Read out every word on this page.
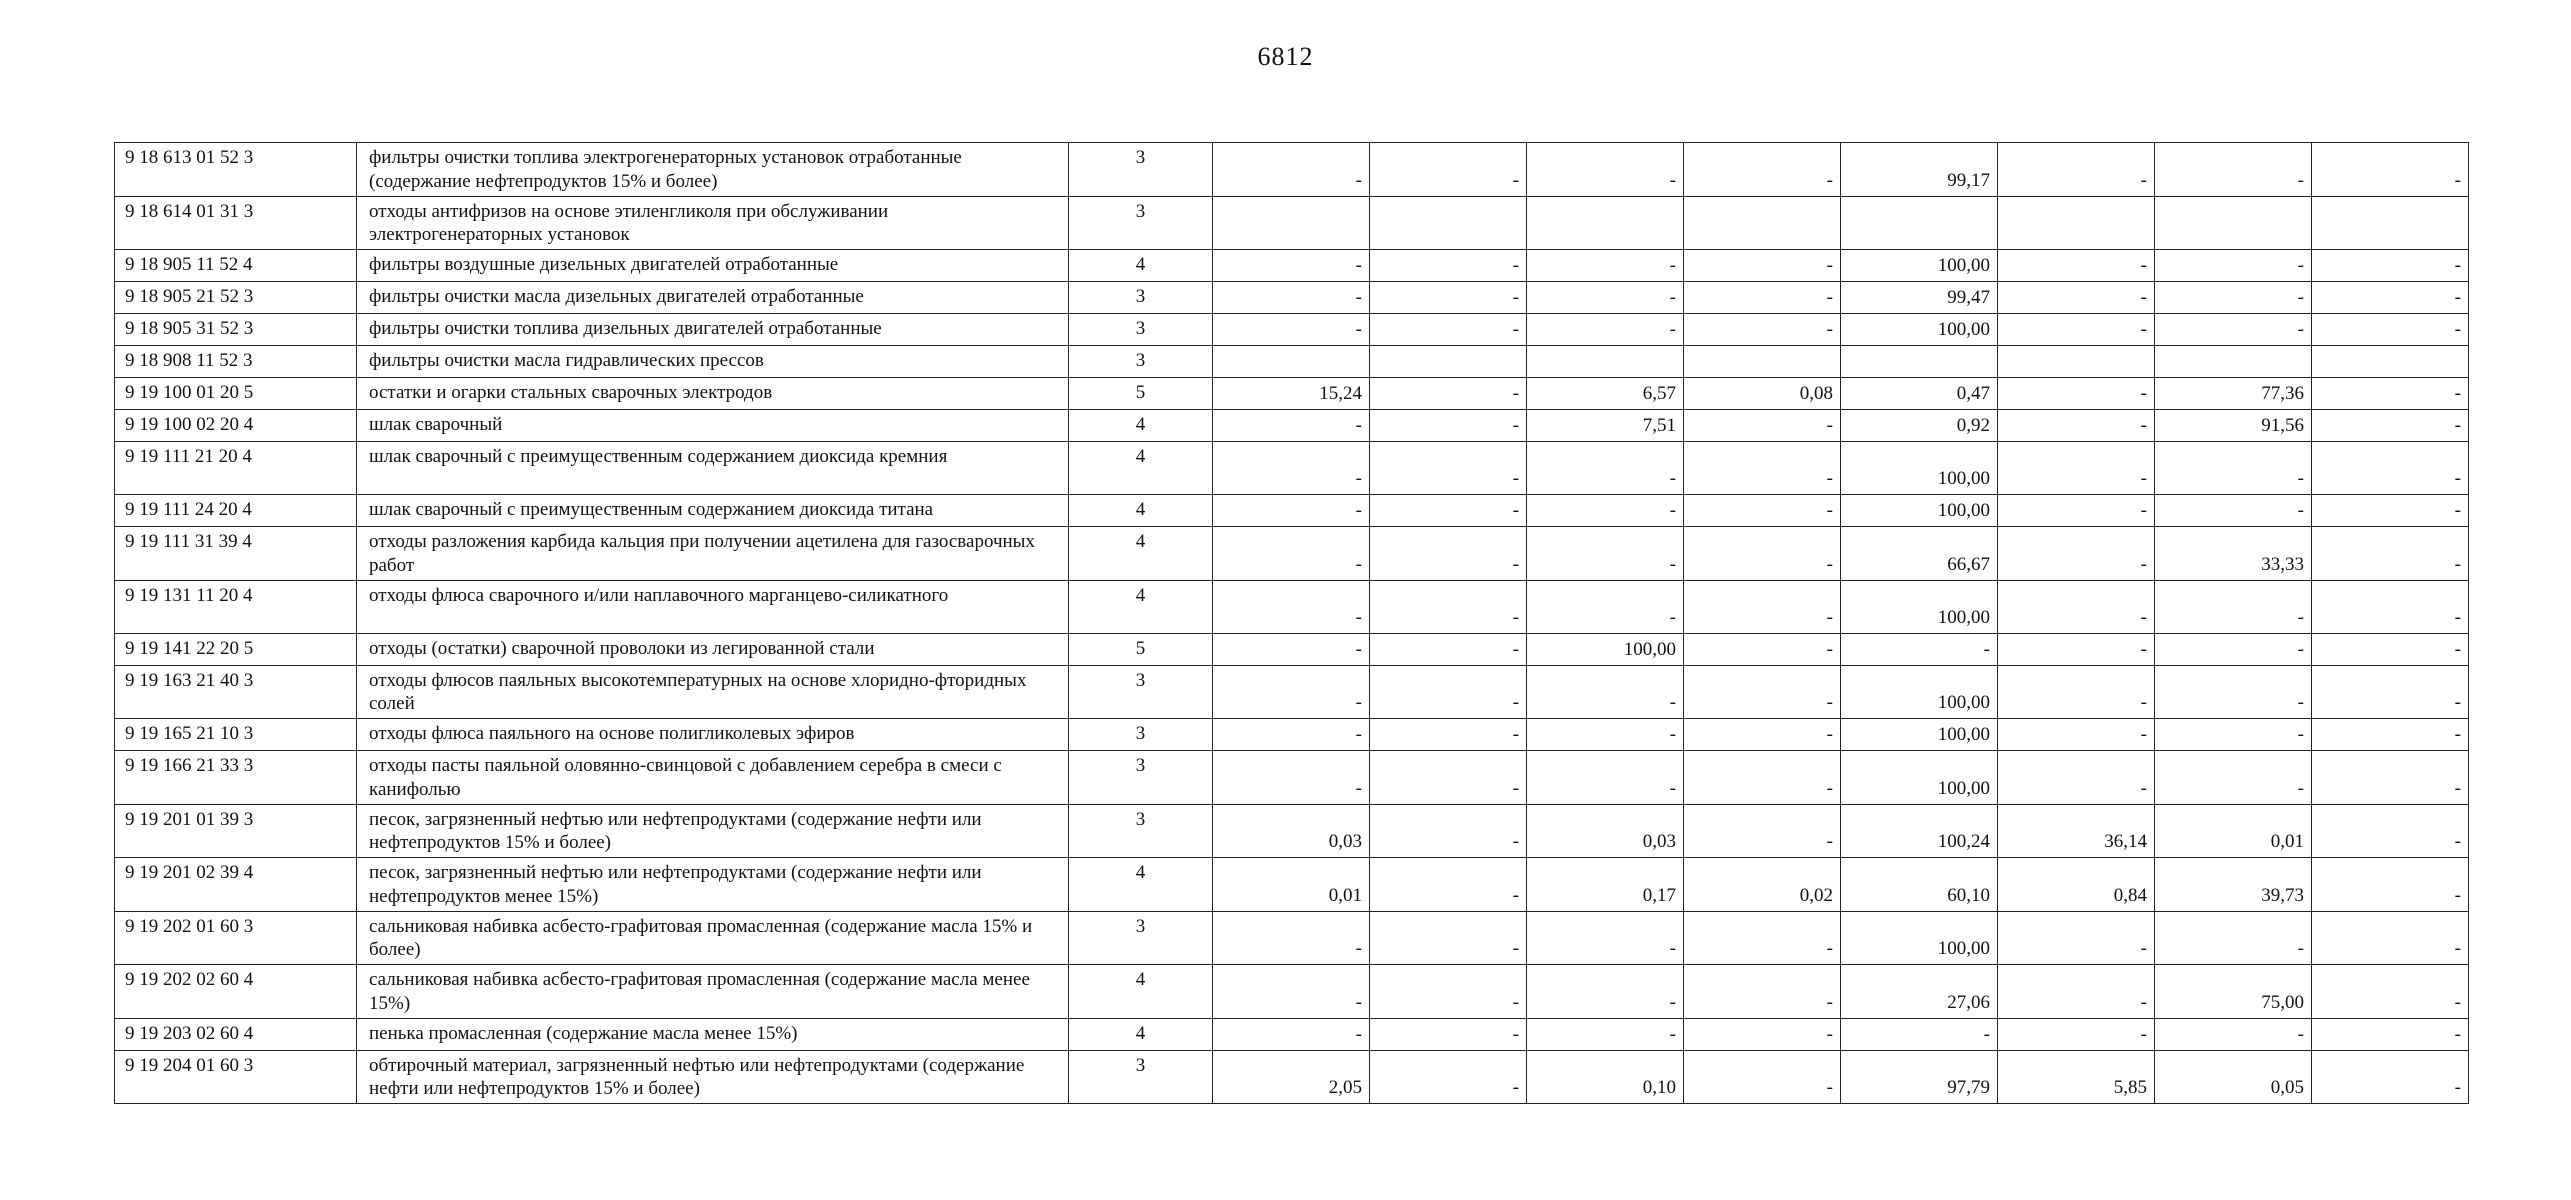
6812
9 18 613 01 52 3	фильтры очистки топлива электрогенераторных установок отработанные (содержание нефтепродуктов 15% и более)	3	-	-	-	-	99,17	-	-	-
9 18 614 01 31 3	отходы антифризов на основе этиленгликоля при обслуживании электрогенераторных установок	3								
9 18 905 11 52 4	фильтры воздушные дизельных двигателей отработанные	4	-	-	-	-	100,00	-	-	-
9 18 905 21 52 3	фильтры очистки масла дизельных двигателей отработанные	3	-	-	-	-	99,47	-	-	-
9 18 905 31 52 3	фильтры очистки топлива дизельных двигателей отработанные	3	-	-	-	-	100,00	-	-	-
9 18 908 11 52 3	фильтры очистки масла гидравлических прессов	3								
9 19 100 01 20 5	остатки и огарки стальных сварочных электродов	5	15,24	-	6,57	0,08	0,47	-	77,36	-
9 19 100 02 20 4	шлак сварочный	4	-	-	7,51	-	0,92	-	91,56	-
9 19 111 21 20 4	шлак сварочный с преимущественным содержанием диоксида кремния	4	-	-	-	-	100,00	-	-	-
9 19 111 24 20 4	шлак сварочный с преимущественным содержанием диоксида титана	4	-	-	-	-	100,00	-	-	-
9 19 111 31 39 4	отходы разложения карбида кальция при получении ацетилена для газосварочных работ	4	-	-	-	-	66,67	-	33,33	-
9 19 131 11 20 4	отходы флюса сварочного и/или наплавочного марганцево-силикатного	4	-	-	-	-	100,00	-	-	-
9 19 141 22 20 5	отходы (остатки) сварочной проволоки из легированной стали	5	-	-	100,00	-	-	-	-	-
9 19 163 21 40 3	отходы флюсов паяльных высокотемпературных на основе хлоридно-фторидных солей	3	-	-	-	-	100,00	-	-	-
9 19 165 21 10 3	отходы флюса паяльного на основе полигликолевых эфиров	3	-	-	-	-	100,00	-	-	-
9 19 166 21 33 3	отходы пасты паяльной оловянно-свинцовой с добавлением серебра в смеси с канифолью	3	-	-	-	-	100,00	-	-	-
9 19 201 01 39 3	песок, загрязненный нефтью или нефтепродуктами (содержание нефти или нефтепродуктов 15% и более)	3	0,03	-	0,03	-	100,24	36,14	0,01	-
9 19 201 02 39 4	песок, загрязненный нефтью или нефтепродуктами (содержание нефти или нефтепродуктов менее 15%)	4	0,01	-	0,17	0,02	60,10	0,84	39,73	-
9 19 202 01 60 3	сальниковая набивка асбесто-графитовая промасленная (содержание масла 15% и более)	3	-	-	-	-	100,00	-	-	-
9 19 202 02 60 4	сальниковая набивка асбесто-графитовая промасленная (содержание масла менее 15%)	4	-	-	-	-	27,06	-	75,00	-
9 19 203 02 60 4	пенька промасленная (содержание масла менее 15%)	4	-	-	-	-	-	-	-	-
9 19 204 01 60 3	обтирочный материал, загрязненный нефтью или нефтепродуктами (содержание нефти или нефтепродуктов 15% и более)	3	2,05	-	0,10	-	97,79	5,85	0,05	-
